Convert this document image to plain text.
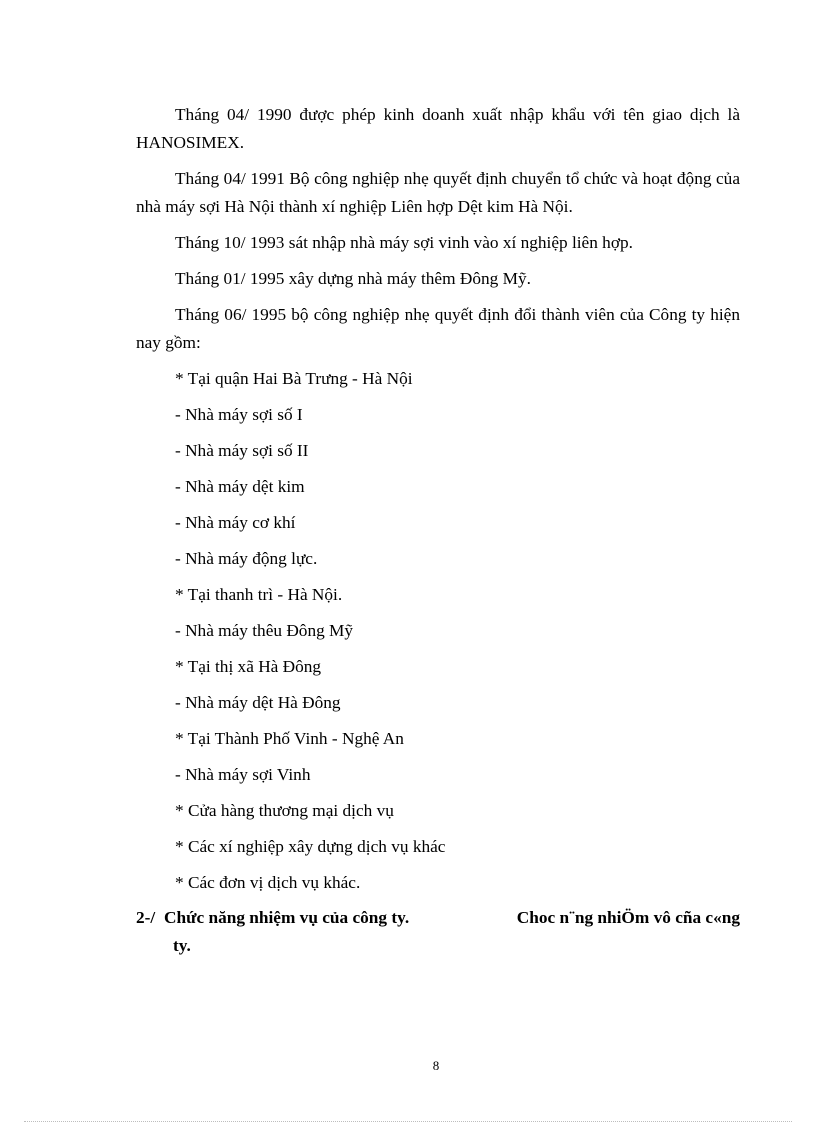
Tháng 04/ 1990 được phép kinh doanh xuất nhập khẩu với tên giao dịch là HANOSIMEX.

Tháng 04/ 1991 Bộ công nghiệp nhẹ quyết định chuyển tổ chức và hoạt động của nhà máy sợi Hà Nội thành xí nghiệp Liên hợp Dệt kim Hà Nội.

Tháng 10/ 1993 sát nhập nhà máy sợi vinh vào xí nghiệp liên hợp.

Tháng 01/ 1995 xây dựng nhà máy thêm Đông Mỹ.

Tháng 06/ 1995 bộ công nghiệp nhẹ quyết định đổi thành viên của Công ty hiện nay gồm:

* Tại quận Hai Bà Trưng - Hà Nội
- Nhà máy sợi số I
- Nhà máy sợi số II
- Nhà máy dệt kim
- Nhà máy cơ khí
- Nhà máy động lực.
* Tại thanh trì - Hà Nội.
- Nhà máy thêu Đông Mỹ
* Tại thị xã Hà Đông
- Nhà máy dệt Hà Đông
* Tại Thành Phố Vinh - Nghệ An
- Nhà máy sợi Vinh
* Cửa hàng thương mại dịch vụ
* Các xí nghiệp xây dựng dịch vụ khác
* Các đơn vị dịch vụ khác.
2-/ Chức năng nhiệm vụ của công ty.	Choc n¨ng nhiÖm vô cña c«ng
ty.
8
